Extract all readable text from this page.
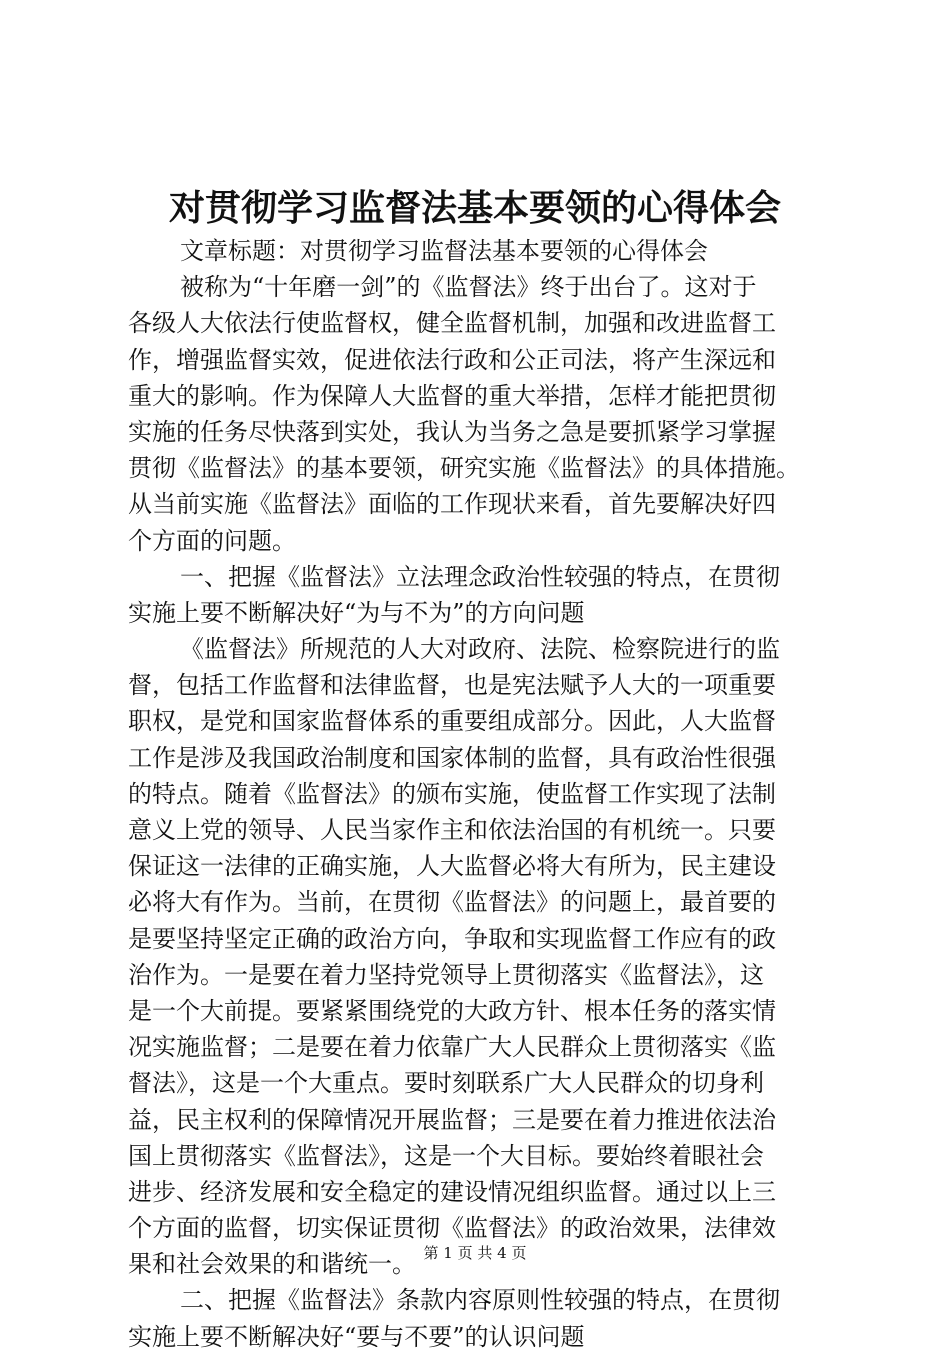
对贯彻学习监督法基本要领的心得体会
文章标题：对贯彻学习监督法基本要领的心得体会
被称为“十年磨一剑”的《监督法》终于出台了。这对于
各级人大依法行使监督权，健全监督机制，加强和改进监督工
作，增强监督实效，促进依法行政和公正司法，将产生深远和
重大的影响。作为保障人大监督的重大举措，怎样才能把贯彻
实施的任务尽快落到实处，我认为当务之急是要抓紧学习掌握
贯彻《监督法》的基本要领，研究实施《监督法》的具体措施。
从当前实施《监督法》面临的工作现状来看，首先要解决好四
个方面的问题。
一、把握《监督法》立法理念政治性较强的特点，在贯彻
实施上要不断解决好“为与不为”的方向问题
《监督法》所规范的人大对政府、法院、检察院进行的监
督，包括工作监督和法律监督，也是宪法赋予人大的一项重要
职权，是党和国家监督体系的重要组成部分。因此，人大监督
工作是涉及我国政治制度和国家体制的监督，具有政治性很强
的特点。随着《监督法》的颁布实施，使监督工作实现了法制
意义上党的领导、人民当家作主和依法治国的有机统一。只要
保证这一法律的正确实施，人大监督必将大有所为，民主建设
必将大有作为。当前，在贯彻《监督法》的问题上，最首要的
是要坚持坚定正确的政治方向，争取和实现监督工作应有的政
治作为。一是要在着力坚持党领导上贯彻落实《监督法》，这
是一个大前提。要紧紧围绕党的大政方针、根本任务的落实情
况实施监督；二是要在着力依靠广大人民群众上贯彻落实《监
督法》，这是一个大重点。要时刻联系广大人民群众的切身利
益，民主权利的保障情况开展监督；三是要在着力推进依法治
国上贯彻落实《监督法》，这是一个大目标。要始终着眼社会
进步、经济发展和安全稳定的建设情况组织监督。通过以上三
个方面的监督，切实保证贯彻《监督法》的政治效果，法律效
果和社会效果的和谐统一。
二、把握《监督法》条款内容原则性较强的特点，在贯彻
实施上要不断解决好“要与不要”的认识问题
第 1 页 共 4 页
